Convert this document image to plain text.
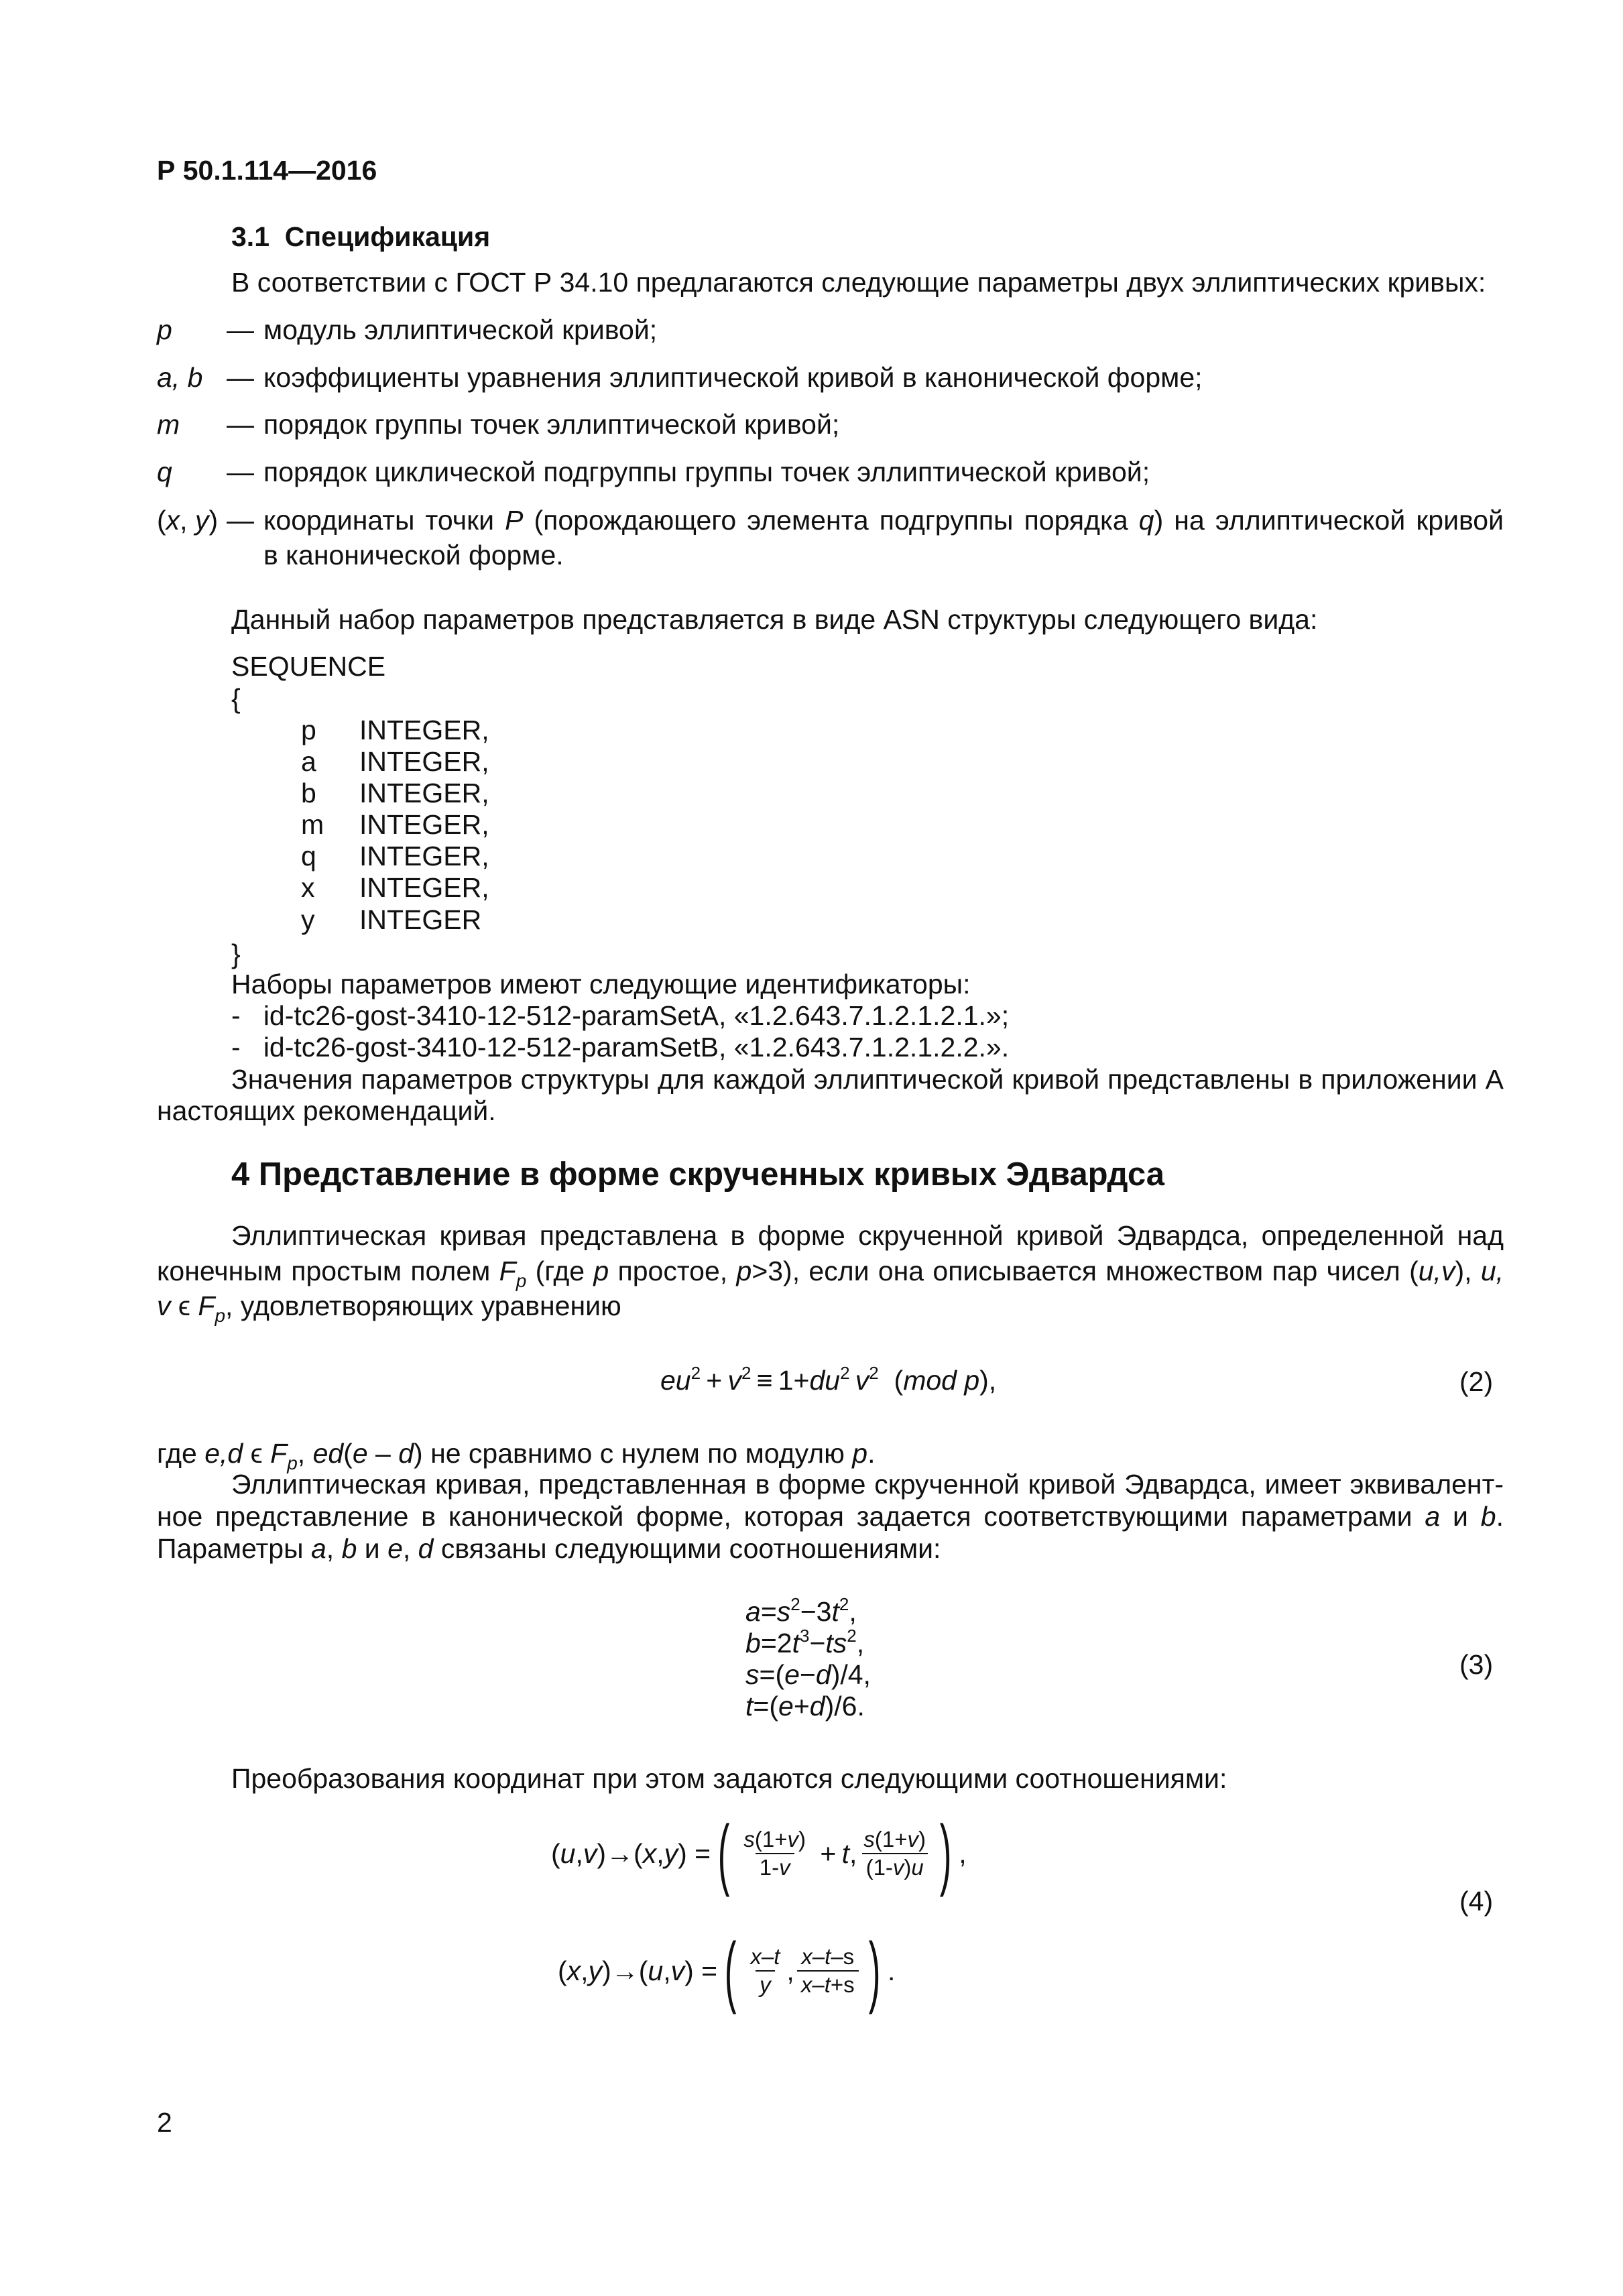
Р 50.1.114—2016
3.1 Спецификация
В соответствии с ГОСТ Р 34.10 предлагаются следующие параметры двух эллиптических кривых:
p — модуль эллиптической кривой;
a, b — коэффициенты уравнения эллиптической кривой в канонической форме;
m — порядок группы точек эллиптической кривой;
q — порядок циклической подгруппы группы точек эллиптической кривой;
(x, y) — координаты точки P (порождающего элемента подгруппы порядка q) на эллиптической кривой
в канонической форме.
Данный набор параметров представляется в виде ASN структуры следующего вида:
SEQUENCE
{
p INTEGER,
a INTEGER,
b INTEGER,
m INTEGER,
q INTEGER,
x INTEGER,
y INTEGER
}
Наборы параметров имеют следующие идентификаторы:
-   id-tc26-gost-3410-12-512-paramSetA, «1.2.643.7.1.2.1.2.1.»;
-   id-tc26-gost-3410-12-512-paramSetB, «1.2.643.7.1.2.1.2.2.».
Значения параметров структуры для каждой эллиптической кривой представлены в приложении А
настоящих рекомендаций.
4 Представление в форме скрученных кривых Эдвардса
Эллиптическая кривая представлена в форме скрученной кривой Эдвардса, определенной над
конечным простым полем $F_p$ (где p простое, p>3), если она описывается множеством пар чисел (u,v), u,
v ϵ $F_p$, удовлетворяющих уравнению
$eu^2 + v^2 \equiv 1+du^2$  $v^2$  (mod p),	(2)
где e,d ϵ $F_p$, ed(e – d) не сравнимо с нулем по модулю p.
Эллиптическая кривая, представленная в форме скрученной кривой Эдвардса, имеет эквивалент-
ное представление в канонической форме, которая задается соответствующими параметрами a и b.
Параметры a, b и e, d связаны следующими соотношениями:
$a=s^2-3t^2$,
$b=2t^3-ts^2$,
s=(e−d)/4,
t=(e+d)/6.
(3)
Преобразования координат при этом задаются следующими соотношениями:
(u,v)→(x,y) = ( $\frac{s(1+v)}{1-v} + t$, $\frac{s(1+v)}{(1-v)u}$ ) ,
(4)
(x,y)→(u,v) = ( $\frac{x-t}{y}$ , $\frac{x-t-s}{x-t+s}$ ) .
2
